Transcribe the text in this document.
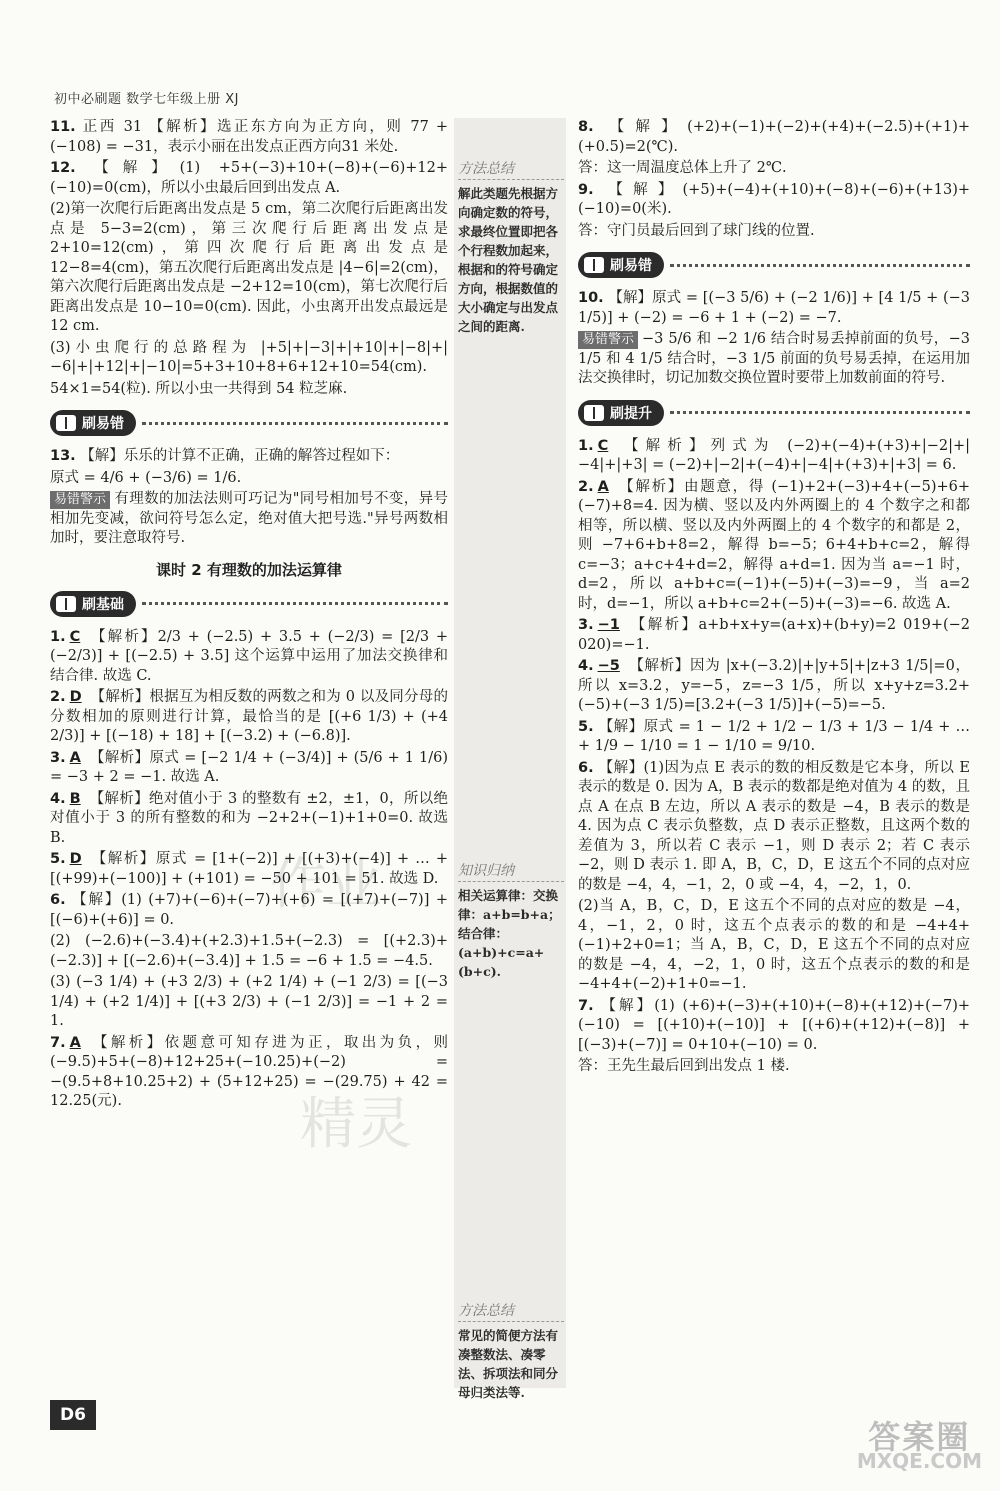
初中必刷题 数学七年级上册 XJ
作业
精灵

11. 正西 31 【解析】选正东方向为正方向，则 77 + (−108) = −31，表示小丽在出发点正西方向31 米处.

12. 【解】(1) +5+(−3)+10+(−8)+(−6)+12+(−10)=0(cm)，所以小虫最后回到出发点 A.

(2)第一次爬行后距离出发点是 5 cm，第二次爬行后距离出发点是 5−3=2(cm)，第三次爬行后距离出发点是 2+10=12(cm)，第四次爬行后距离出发点是 12−8=4(cm)，第五次爬行后距离出发点是 |4−6|=2(cm)，第六次爬行后距离出发点是 −2+12=10(cm)，第七次爬行后距离出发点是 10−10=0(cm). 因此，小虫离开出发点最远是 12 cm.

(3)小虫爬行的总路程为 |+5|+|−3|+|+10|+|−8|+|−6|+|+12|+|−10|=5+3+10+8+6+12+10=54(cm).

54×1=54(粒). 所以小虫一共得到 54 粒芝麻.

刷易错

13. 【解】乐乐的计算不正确，正确的解答过程如下：

原式 = 4/6 + (−3/6) = 1/6.

易错警示 有理数的加法法则可巧记为"同号相加号不变，异号相加先变减，欲问符号怎么定，绝对值大把号选."异号两数相加时，要注意取符号.

课时 2 有理数的加法运算律
刷基础

1. C 【解析】2/3 + (−2.5) + 3.5 + (−2/3) = [2/3 + (−2/3)] + [(−2.5) + 3.5] 这个运算中运用了加法交换律和结合律. 故选 C.

2. D 【解析】根据互为相反数的两数之和为 0 以及同分母的分数相加的原则进行计算，最恰当的是 [(+6 1/3) + (+4 2/3)] + [(−18) + 18] + [(−3.2) + (−6.8)].

3. A 【解析】原式 = [−2 1/4 + (−3/4)] + (5/6 + 1 1/6) = −3 + 2 = −1. 故选 A.

4. B 【解析】绝对值小于 3 的整数有 ±2，±1，0，所以绝对值小于 3 的所有整数的和为 −2+2+(−1)+1+0=0. 故选 B.

5. D 【解析】原式 = [1+(−2)] + [(+3)+(−4)] + … + [(+99)+(−100)] + (+101) = −50 + 101 = 51. 故选 D.

6. 【解】(1) (+7)+(−6)+(−7)+(+6) = [(+7)+(−7)] + [(−6)+(+6)] = 0.

(2) (−2.6)+(−3.4)+(+2.3)+1.5+(−2.3) = [(+2.3)+(−2.3)] + [(−2.6)+(−3.4)] + 1.5 = −6 + 1.5 = −4.5.

(3) (−3 1/4) + (+3 2/3) + (+2 1/4) + (−1 2/3) = [(−3 1/4) + (+2 1/4)] + [(+3 2/3) + (−1 2/3)] = −1 + 2 = 1.

7. A 【解析】依题意可知存进为正，取出为负，则 (−9.5)+5+(−8)+12+25+(−10.25)+(−2) = −(9.5+8+10.25+2) + (5+12+25) = −(29.75) + 42 = 12.25(元).

方法总结
解此类题先根据方向确定数的符号，求最终位置即把各个行程数加起来，根据和的符号确定方向，根据数值的大小确定与出发点之间的距离.
知识归纳
相关运算律：交换律：a+b=b+a；结合律：(a+b)+c=a+(b+c).
方法总结
常见的简便方法有凑整数法、凑零法、拆项法和同分母归类法等.

8. 【解】(+2)+(−1)+(−2)+(+4)+(−2.5)+(+1)+(+0.5)=2(℃).

答：这一周温度总体上升了 2℃.

9. 【解】(+5)+(−4)+(+10)+(−8)+(−6)+(+13)+(−10)=0(米).

答：守门员最后回到了球门线的位置.

刷易错

10. 【解】原式 = [(−3 5/6) + (−2 1/6)] + [4 1/5 + (−3 1/5)] + (−2) = −6 + 1 + (−2) = −7.

易错警示 −3 5/6 和 −2 1/6 结合时易丢掉前面的负号，−3 1/5 和 4 1/5 结合时，−3 1/5 前面的负号易丢掉，在运用加法交换律时，切记加数交换位置时要带上加数前面的符号.

刷提升

1. C 【解析】列式为 (−2)+(−4)+(+3)+|−2|+|−4|+|+3| = (−2)+|−2|+(−4)+|−4|+(+3)+|+3| = 6.

2. A 【解析】由题意，得 (−1)+2+(−3)+4+(−5)+6+(−7)+8=4. 因为横、竖以及内外两圈上的 4 个数字之和都相等，所以横、竖以及内外两圈上的 4 个数字的和都是 2，则 −7+6+b+8=2，解得 b=−5；6+4+b+c=2，解得 c=−3；a+c+4+d=2，解得 a+d=1. 因为当 a=−1 时，d=2，所以 a+b+c=(−1)+(−5)+(−3)=−9，当 a=2 时，d=−1，所以 a+b+c=2+(−5)+(−3)=−6. 故选 A.

3. −1 【解析】a+b+x+y=(a+x)+(b+y)=2 019+(−2 020)=−1.

4. −5 【解析】因为 |x+(−3.2)|+|y+5|+|z+3 1/5|=0，所以 x=3.2，y=−5，z=−3 1/5，所以 x+y+z=3.2+(−5)+(−3 1/5)=[3.2+(−3 1/5)]+(−5)=−5.

5. 【解】原式 = 1 − 1/2 + 1/2 − 1/3 + 1/3 − 1/4 + … + 1/9 − 1/10 = 1 − 1/10 = 9/10.

6. 【解】(1)因为点 E 表示的数的相反数是它本身，所以 E 表示的数是 0. 因为 A，B 表示的数都是绝对值为 4 的数，且点 A 在点 B 左边，所以 A 表示的数是 −4，B 表示的数是 4. 因为点 C 表示负整数，点 D 表示正整数，且这两个数的差值为 3，所以若 C 表示 −1，则 D 表示 2；若 C 表示 −2，则 D 表示 1. 即 A，B，C，D，E 这五个不同的点对应的数是 −4，4，−1，2，0 或 −4，4，−2，1，0.

(2)当 A，B，C，D，E 这五个不同的点对应的数是 −4，4，−1，2，0 时，这五个点表示的数的和是 −4+4+(−1)+2+0=1；当 A，B，C，D，E 这五个不同的点对应的数是 −4，4，−2，1，0 时，这五个点表示的数的和是 −4+4+(−2)+1+0=−1.

7. 【解】(1) (+6)+(−3)+(+10)+(−8)+(+12)+(−7)+(−10) = [(+10)+(−10)] + [(+6)+(+12)+(−8)] + [(−3)+(−7)] = 0+10+(−10) = 0.

答：王先生最后回到出发点 1 楼.

D6
答案圈
MXQE.COM
